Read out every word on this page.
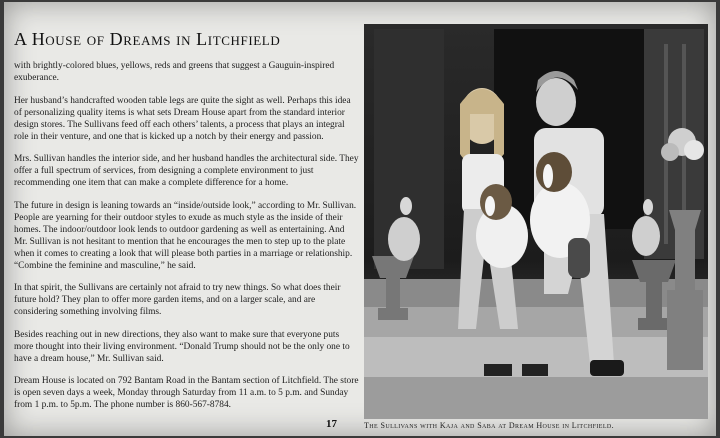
A House of Dreams in Litchfield

with brightly-colored blues, yellows, reds and greens that suggest a Gauguin-inspired exuberance.

Her husband’s handcrafted wooden table legs are quite the sight as well. Perhaps this idea of personalizing quality items is what sets Dream House apart from the standard interior design stores. The Sullivans feed off each others’ talents, a process that plays an integral role in their venture, and one that is kicked up a notch by their energy and passion.

Mrs. Sullivan handles the interior side, and her husband handles the architectural side. They offer a full spectrum of services, from designing a complete environment to just recommending one item that can make a complete difference for a home.

The future in design is leaning towards an “inside/outside look,” according to Mr. Sullivan. People are yearning for their outdoor styles to exude as much style as the inside of their homes. The indoor/outdoor look lends to outdoor gardening as well as entertaining. And Mr. Sullivan is not hesitant to mention that he encourages the men to step up to the plate when it comes to creating a look that will please both parties in a marriage or relationship. “Combine the feminine and masculine,” he said.

In that spirit, the Sullivans are certainly not afraid to try new things. So what does their future hold? They plan to offer more garden items, and on a larger scale, and are considering something involving films.

Besides reaching out in new directions, they also want to make sure that everyone puts more thought into their living environment. “Donald Trump should not be the only one to have a dream house,” Mr. Sullivan said.

Dream House is located on 792 Bantam Road in the Bantam section of Litchfield. The store is open seven days a week, Monday through Saturday from 11 a.m. to 5 p.m. and Sunday from 1 p.m. to 5p.m. The phone number is 860-567-8784.

17	The Sullivans with Kaja and Saba at Dream House in Litchfield.
